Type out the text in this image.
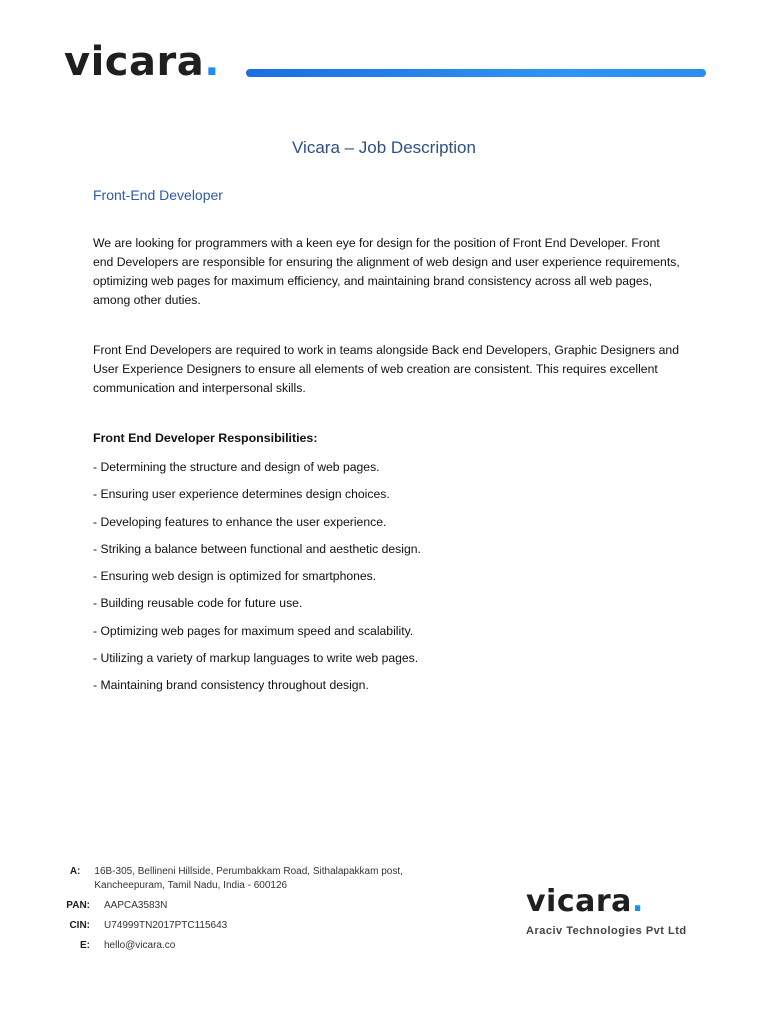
vicara.
Vicara – Job Description
Front-End Developer
We are looking for programmers with a keen eye for design for the position of Front End Developer. Front end Developers are responsible for ensuring the alignment of web design and user experience requirements, optimizing web pages for maximum efficiency, and maintaining brand consistency across all web pages, among other duties.
Front End Developers are required to work in teams alongside Back end Developers, Graphic Designers and User Experience Designers to ensure all elements of web creation are consistent. This requires excellent communication and interpersonal skills.
Front End Developer Responsibilities:
- Determining the structure and design of web pages.
- Ensuring user experience determines design choices.
- Developing features to enhance the user experience.
- Striking a balance between functional and aesthetic design.
- Ensuring web design is optimized for smartphones.
- Building reusable code for future use.
- Optimizing web pages for maximum speed and scalability.
- Utilizing a variety of markup languages to write web pages.
- Maintaining brand consistency throughout design.
A: 16B-305, Bellineni Hillside, Perumbakkam Road, Sithalapakkam post, Kancheepuram, Tamil Nadu, India - 600126
PAN: AAPCA3583N
CIN: U74999TN2017PTC115643
E: hello@vicara.co
vicara.
Araciv Technologies Pvt Ltd
